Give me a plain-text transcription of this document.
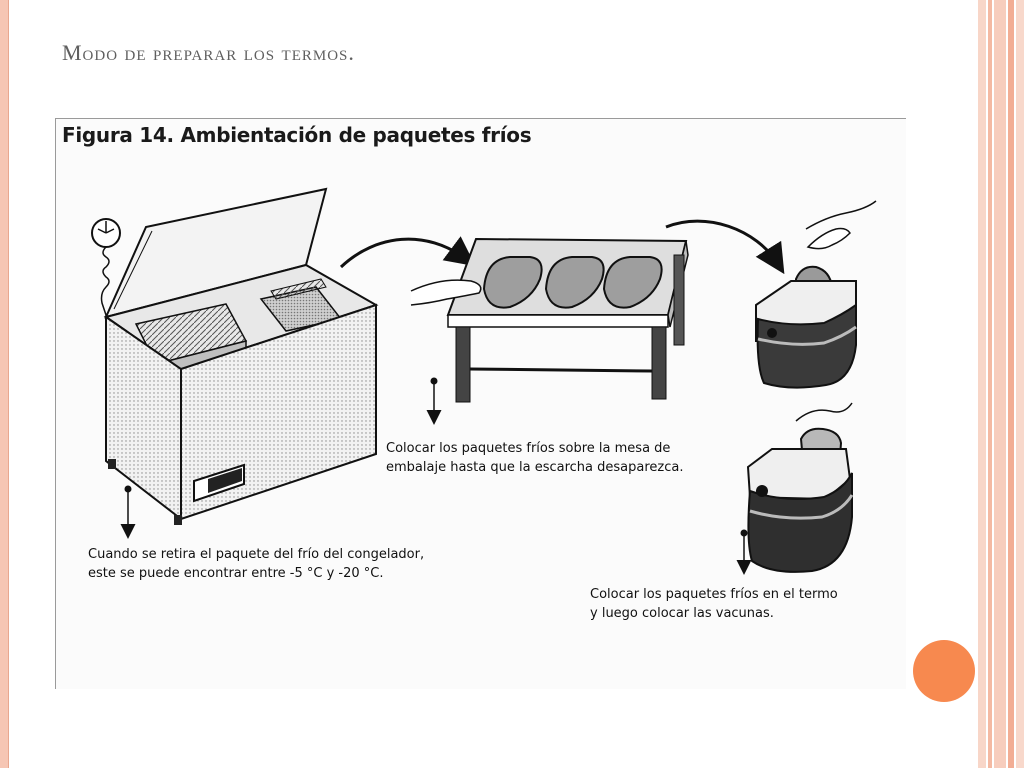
Modo de preparar los termos.
Figura 14. Ambientación de paquetes fríos
Cuando se retira el paquete del frío del congelador,
este se puede encontrar entre -5 °C y -20 °C.
Colocar los paquetes fríos sobre la mesa de
embalaje hasta que la escarcha desaparezca.
Colocar los paquetes fríos en el termo
y luego colocar las vacunas.
